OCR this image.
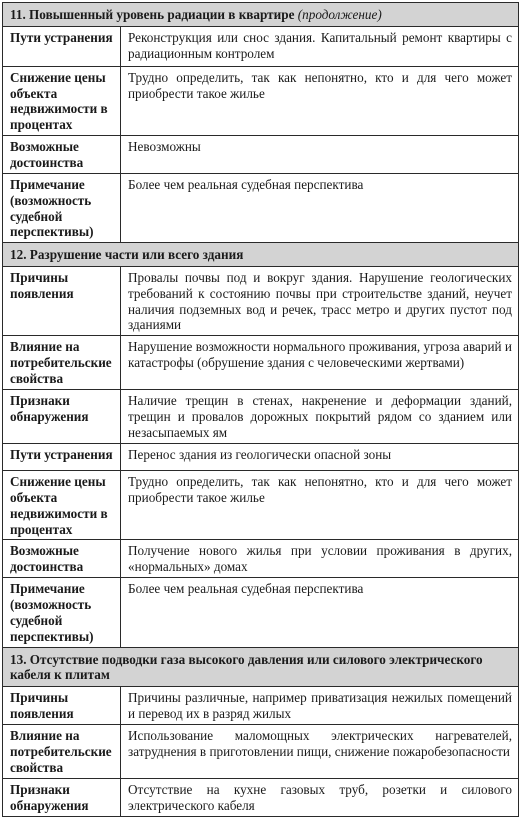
11. Повышенный уровень радиации в квартире (продолжение)	
Пути устранения	Реконструкция или снос здания. Капитальный ремонт квартиры с радиационным контролем
Снижение цены объекта недвижимости в процентах	Трудно определить, так как непонятно, кто и для чего может приобрести такое жилье
Возможные достоинства	Невозможны
Примечание (возможность судебной перспективы)	Более чем реальная судебная перспектива
12. Разрушение части или всего здания	
Причины появления	Провалы почвы под и вокруг здания. Нарушение геологических требований к состоянию почвы при строительстве зданий, неучет наличия подземных вод и речек, трасс метро и других пустот под зданиями
Влияние на потребительские свойства	Нарушение возможности нормального проживания, угроза аварий и катастрофы (обрушение здания с человеческими жертвами)
Признаки обнаружения	Наличие трещин в стенах, накренение и деформации зданий, трещин и провалов дорожных покрытий рядом со зданием или незасыпаемых ям
Пути устранения	Перенос здания из геологически опасной зоны
Снижение цены объекта недвижимости в процентах	Трудно определить, так как непонятно, кто и для чего может приобрести такое жилье
Возможные достоинства	Получение нового жилья при условии проживания в других, «нормальных» домах
Примечание (возможность судебной перспективы)	Более чем реальная судебная перспектива
13. Отсутствие подводки газа высокого давления или силового электрического кабеля к плитам	
Причины появления	Причины различные, например приватизация нежилых помещений и перевод их в разряд жилых
Влияние на потребительские свойства	Использование маломощных электрических нагревателей, затруднения в приготовлении пищи, снижение пожаробезопасности
Признаки обнаружения	Отсутствие на кухне газовых труб, розетки и силового электрического кабеля
